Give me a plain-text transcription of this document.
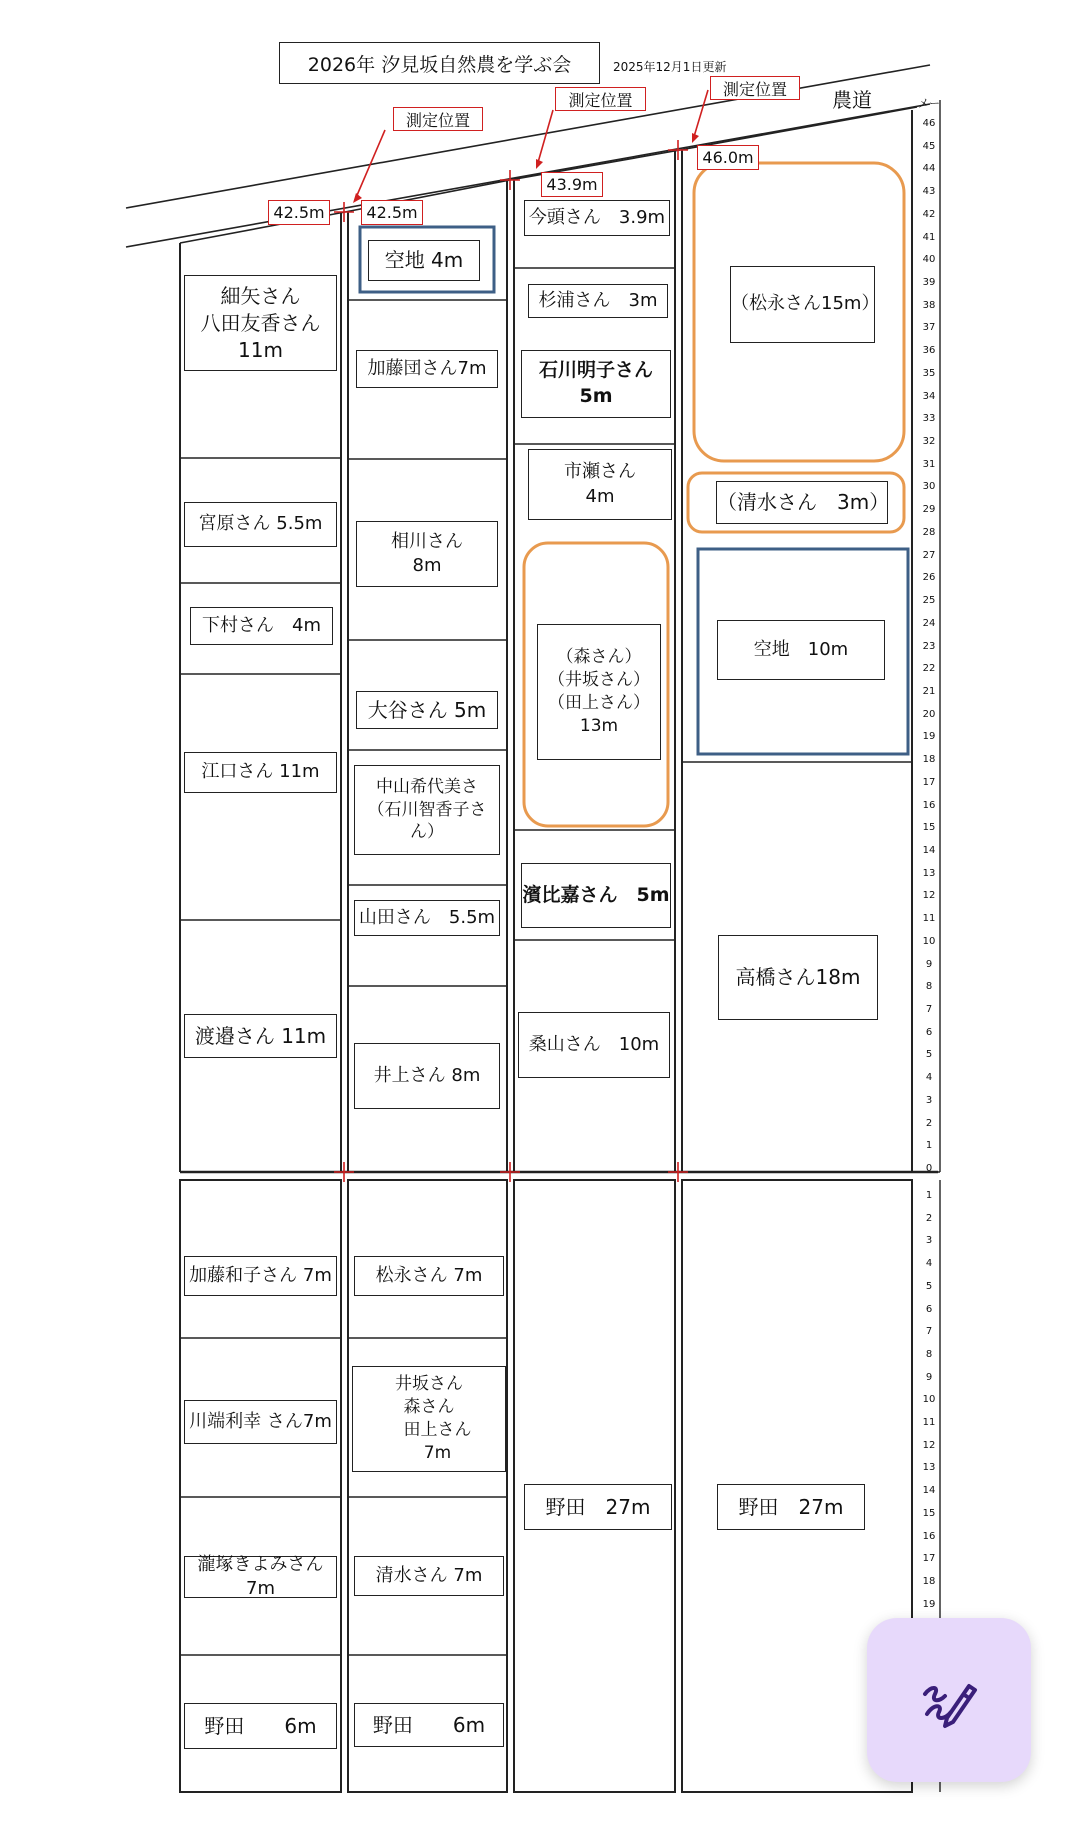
2026年 汐見坂自然農を学ぶ会	2025年12月1日更新
農道	メー
測定位置
測定位置
測定位置
42.5m	42.5m
43.9m
46.0m
細矢さん
八田友香さん
11m
宮原さん 5.5m
下村さん　4m
江口さん 11m
渡邉さん 11m
空地 4m
加藤団さん7m
相川さん
8m
大谷さん 5m
中山希代美さ
（石川智香子さ
ん）
山田さん　5.5m
井上さん 8m
今頭さん　3.9m
杉浦さん　3m
石川明子さん
5m
市瀬さん
4m
（森さん）
（井坂さん）
（田上さん）
13m
濱比嘉さん　5m
桑山さん　10m
（松永さん15m）
（清水さん　3m）
空地　10m
高橋さん18m
加藤和子さん 7m
川端利幸 さん7m
瀧塚きよみさん7m
野田　　6m
松永さん 7m
井坂さん
森さん
　田上さん
　7m
清水さん 7m
野田　　6m
野田　27m	野田　27m
46
45
44
43
42
41
40
39
38
37
36
35
34
33
32
31
30
29
28
27
26
25
24
23
22
21
20
19
18
17
16
15
14
13
12
11
10
9
8
7
6
5
4
3
2
1
0
1
2
3
4
5
6
7
8
9
10
11
12
13
14
15
16
17
18
19
